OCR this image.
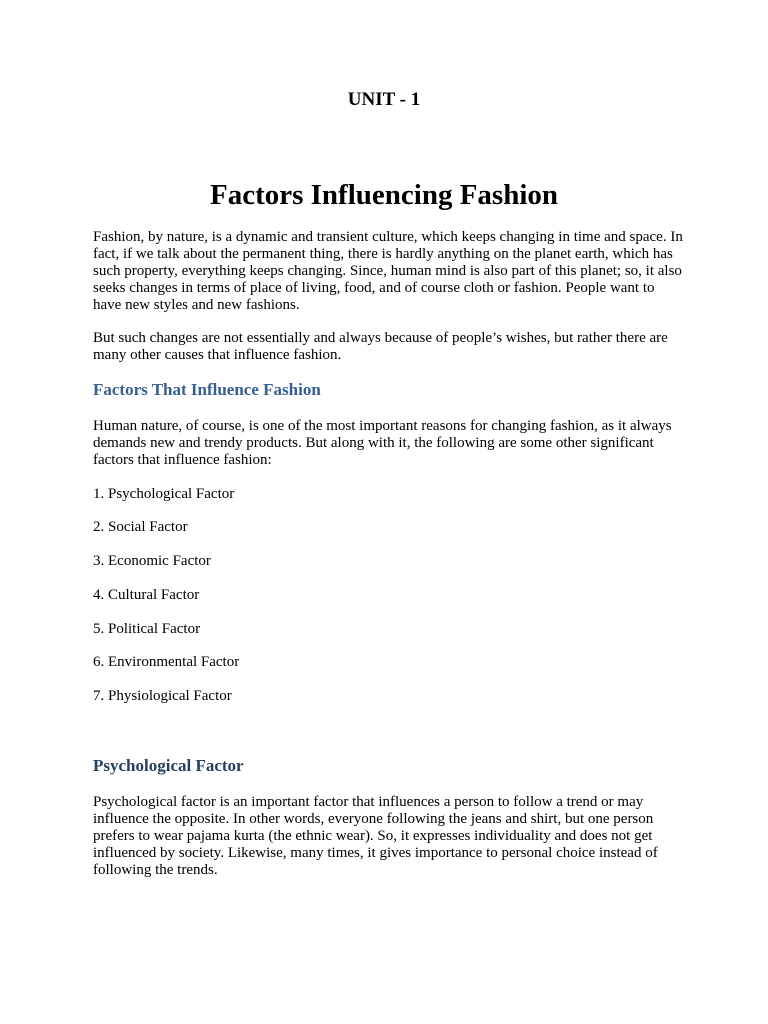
UNIT - 1
Factors Influencing Fashion

Fashion, by nature, is a dynamic and transient culture, which keeps changing in time and space. In fact, if we talk about the permanent thing, there is hardly anything on the planet earth, which has such property, everything keeps changing. Since, human mind is also part of this planet; so, it also seeks changes in terms of place of living, food, and of course cloth or fashion. People want to have new styles and new fashions.

But such changes are not essentially and always because of people’s wishes, but rather there are many other causes that influence fashion.

Factors That Influence Fashion

Human nature, of course, is one of the most important reasons for changing fashion, as it always demands new and trendy products. But along with it, the following are some other significant factors that influence fashion:

1. Psychological Factor

2. Social Factor

3. Economic Factor

4. Cultural Factor

5. Political Factor

6. Environmental Factor

7. Physiological Factor

Psychological Factor

Psychological factor is an important factor that influences a person to follow a trend or may influence the opposite. In other words, everyone following the jeans and shirt, but one person prefers to wear pajama kurta (the ethnic wear). So, it expresses individuality and does not get influenced by society. Likewise, many times, it gives importance to personal choice instead of following the trends.
